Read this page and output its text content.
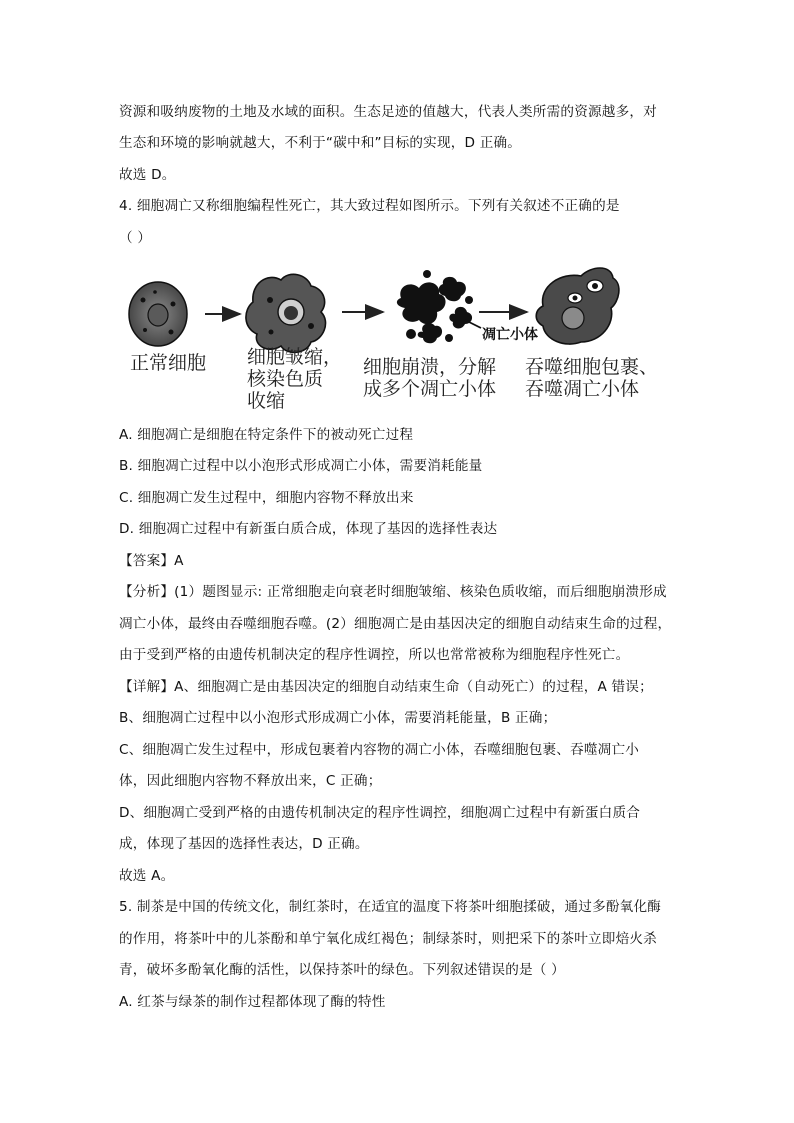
资源和吸纳废物的土地及水域的面积。生态足迹的值越大，代表人类所需的资源越多，对
生态和环境的影响就越大，不利于“碳中和”目标的实现，D 正确。
故选 D。
4. 细胞凋亡又称细胞编程性死亡，其大致过程如图所示。下列有关叙述不正确的是
（ ）
凋亡小体
正常细胞 细胞皱缩，
核染色质
收缩
细胞崩溃，分解
成多个凋亡小体
吞噬细胞包裹、
吞噬凋亡小体
A. 细胞凋亡是细胞在特定条件下的被动死亡过程
B. 细胞凋亡过程中以小泡形式形成凋亡小体，需要消耗能量
C. 细胞凋亡发生过程中，细胞内容物不释放出来
D. 细胞凋亡过程中有新蛋白质合成，体现了基因的选择性表达
【答案】A
【分析】(1）题图显示: 正常细胞走向衰老时细胞皱缩、核染色质收缩，而后细胞崩溃形成
凋亡小体，最终由吞噬细胞吞噬。(2）细胞凋亡是由基因决定的细胞自动结束生命的过程，
由于受到严格的由遗传机制决定的程序性调控，所以也常常被称为细胞程序性死亡。
【详解】A、细胞凋亡是由基因决定的细胞自动结束生命（自动死亡）的过程，A 错误；
B、细胞凋亡过程中以小泡形式形成凋亡小体，需要消耗能量，B 正确；
C、细胞凋亡发生过程中，形成包裹着内容物的凋亡小体，吞噬细胞包裹、吞噬凋亡小
体，因此细胞内容物不释放出来，C 正确；
D、细胞凋亡受到严格的由遗传机制决定的程序性调控，细胞凋亡过程中有新蛋白质合
成，体现了基因的选择性表达，D 正确。
故选 A。
5. 制茶是中国的传统文化，制红茶时，在适宜的温度下将茶叶细胞揉破，通过多酚氧化酶
的作用，将茶叶中的儿茶酚和单宁氧化成红褐色；制绿茶时，则把采下的茶叶立即焙火杀
青，破坏多酚氧化酶的活性，以保持茶叶的绿色。下列叙述错误的是（ ）
A. 红茶与绿茶的制作过程都体现了酶的特性
